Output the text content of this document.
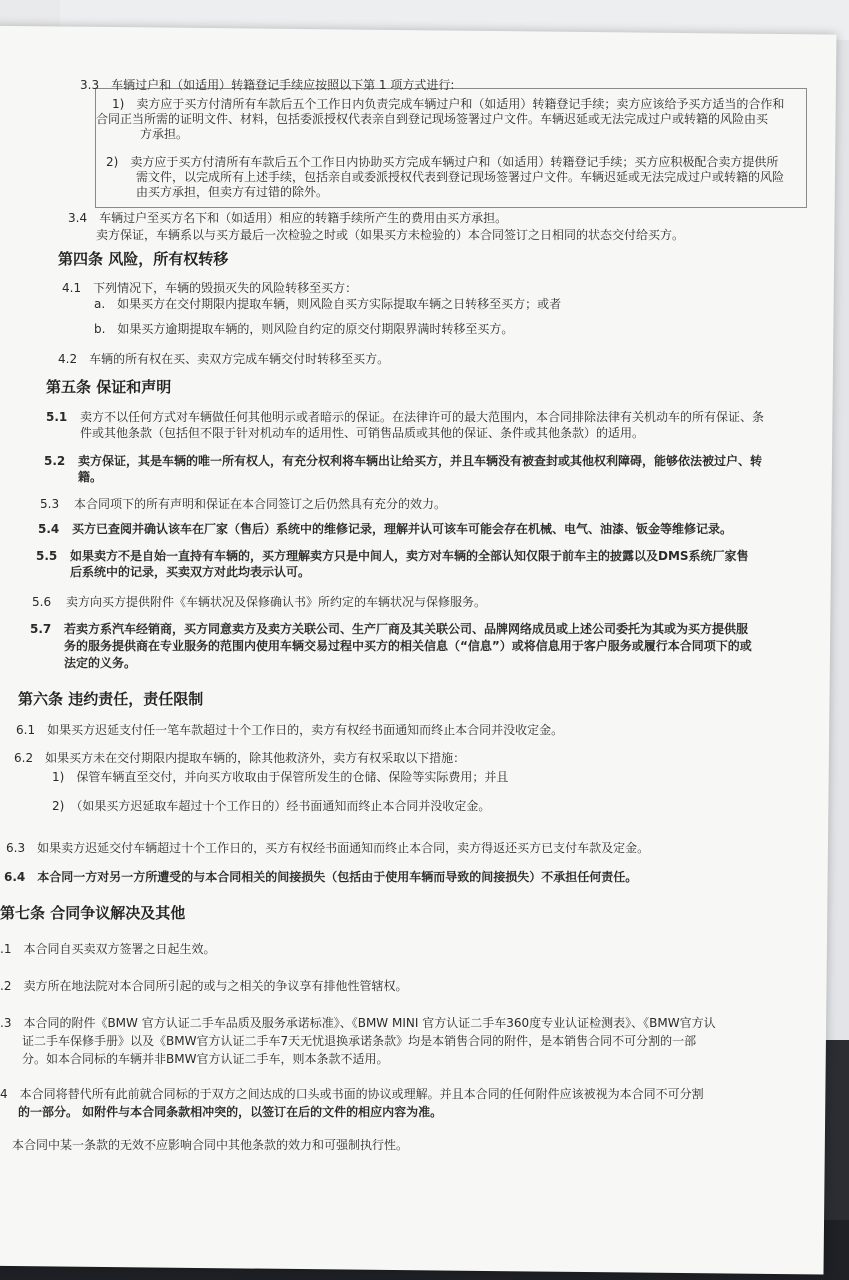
3.3　车辆过户和（如适用）转籍登记手续应按照以下第 1 项方式进行:
1)　卖方应于买方付清所有车款后五个工作日内负责完成车辆过户和（如适用）转籍登记手续；卖方应该给予买方适当的合作和
合同正当所需的证明文件、材料，包括委派授权代表亲自到登记现场签署过户文件。车辆迟延或无法完成过户或转籍的风险由买
方承担。
2)　卖方应于买方付清所有车款后五个工作日内协助买方完成车辆过户和（如适用）转籍登记手续；买方应积极配合卖方提供所
需文件，以完成所有上述手续，包括亲自或委派授权代表到登记现场签署过户文件。车辆迟延或无法完成过户或转籍的风险
由买方承担，但卖方有过错的除外。
3.4　车辆过户至买方名下和（如适用）相应的转籍手续所产生的费用由买方承担。
卖方保证，车辆系以与买方最后一次检验之时或（如果买方未检验的）本合同签订之日相同的状态交付给买方。
第四条 风险，所有权转移
4.1　下列情况下，车辆的毁损灭失的风险转移至买方：
a.　如果买方在交付期限内提取车辆，则风险自买方实际提取车辆之日转移至买方；或者
b.　如果买方逾期提取车辆的，则风险自约定的原交付期限界满时转移至买方。
4.2　车辆的所有权在买、卖双方完成车辆交付时转移至买方。
第五条 保证和声明
5.1 卖方不以任何方式对车辆做任何其他明示或者暗示的保证。在法律许可的最大范围内，本合同排除法律有关机动车的所有保证、条
件或其他条款（包括但不限于针对机动车的适用性、可销售品质或其他的保证、条件或其他条款）的适用。
5.2 卖方保证，其是车辆的唯一所有权人，有充分权利将车辆出让给买方，并且车辆没有被查封或其他权利障碍，能够依法被过户、转
籍。
5.3 本合同项下的所有声明和保证在本合同签订之后仍然具有充分的效力。
5.4 买方已查阅并确认该车在厂家（售后）系统中的维修记录，理解并认可该车可能会存在机械、电气、油漆、钣金等维修记录。
5.5 如果卖方不是自始一直持有车辆的，买方理解卖方只是中间人，卖方对车辆的全部认知仅限于前车主的披露以及DMS系统厂家售
后系统中的记录，买卖双方对此均表示认可。
5.6 卖方向买方提供附件《车辆状况及保修确认书》所约定的车辆状况与保修服务。
5.7 若卖方系汽车经销商，买方同意卖方及卖方关联公司、生产厂商及其关联公司、品牌网络成员或上述公司委托为其或为买方提供服
务的服务提供商在专业服务的范围内使用车辆交易过程中买方的相关信息（“信息”）或将信息用于客户服务或履行本合同项下的或
法定的义务。
第六条 违约责任，责任限制
6.1　如果买方迟延支付任一笔车款超过十个工作日的，卖方有权经书面通知而终止本合同并没收定金。
6.2　如果买方未在交付期限内提取车辆的，除其他救济外，卖方有权采取以下措施：
1)　保管车辆直至交付，并向买方收取由于保管所发生的仓储、保险等实际费用；并且
2)　（如果买方迟延取车超过十个工作日的）经书面通知而终止本合同并没收定金。
6.3　如果卖方迟延交付车辆超过十个工作日的，买方有权经书面通知而终止本合同，卖方得返还买方已支付车款及定金。
6.4　本合同一方对另一方所遭受的与本合同相关的间接损失（包括由于使用车辆而导致的间接损失）不承担任何责任。
第七条 合同争议解决及其他
.1　本合同自买卖双方签署之日起生效。
.2　卖方所在地法院对本合同所引起的或与之相关的争议享有排他性管辖权。
.3　本合同的附件《BMW 官方认证二手车品质及服务承诺标准》、《BMW MINI 官方认证二手车360度专业认证检测表》、《BMW官方认
证二手车保修手册》以及《BMW官方认证二手车7天无忧退换承诺条款》均是本销售合同的附件，是本销售合同不可分割的一部
分。如本合同标的车辆并非BMW官方认证二手车，则本条款不适用。
4　本合同将替代所有此前就合同标的于双方之间达成的口头或书面的协议或理解。并且本合同的任何附件应该被视为本合同不可分割
的一部分。 如附件与本合同条款相冲突的，以签订在后的文件的相应内容为准。
　本合同中某一条款的无效不应影响合同中其他条款的效力和可强制执行性。
